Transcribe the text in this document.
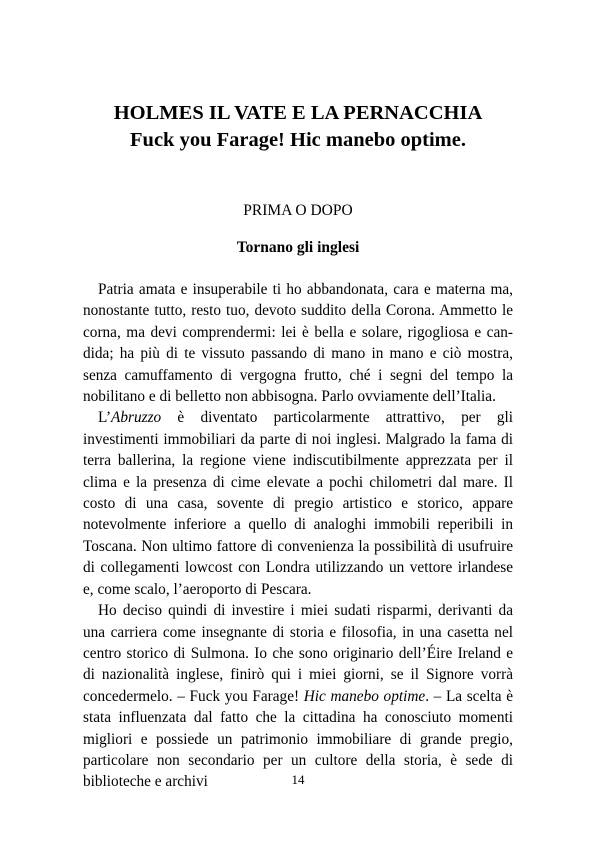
HOLMES IL VATE E LA PERNACCHIA
Fuck you Farage! Hic manebo optime.

PRIMA O DOPO

Tornano gli inglesi

Patria amata e insuperabile ti ho abbandonata, cara e materna ma, nonostante tutto, resto tuo, devoto suddito della Corona. Ammetto le corna, ma devi comprendermi: lei è bella e solare, rigogliosa e candida; ha più di te vissuto passando di mano in mano e ciò mostra, senza camuffamento di vergogna frutto, ché i segni del tempo la nobilitano e di belletto non abbisogna. Parlo ovviamente dell’Italia.

L’Abruzzo è diventato particolarmente attrattivo, per gli investimenti immobiliari da parte di noi inglesi. Malgrado la fama di terra ballerina, la regione viene indiscutibilmente apprezzata per il clima e la presenza di cime elevate a pochi chilometri dal mare. Il costo di una casa, sovente di pregio artistico e storico, appare notevolmente inferiore a quello di analoghi immobili reperibili in Toscana. Non ultimo fattore di convenienza la possibilità di usufruire di collegamenti lowcost con Londra utilizzando un vettore irlandese e, come scalo, l’aeroporto di Pescara.

Ho deciso quindi di investire i miei sudati risparmi, derivanti da una carriera come insegnante di storia e filosofia, in una casetta nel centro storico di Sulmona. Io che sono originario dell’Éire Ireland e di nazionalità inglese, finirò qui i miei giorni, se il Signore vorrà concedermelo. – Fuck you Farage! Hic manebo optime. – La scelta è stata influenzata dal fatto che la cittadina ha conosciuto momenti migliori e possiede un patrimonio immobiliare di grande pregio, particolare non secondario per un cultore della storia, è sede di biblioteche e archivi	14
